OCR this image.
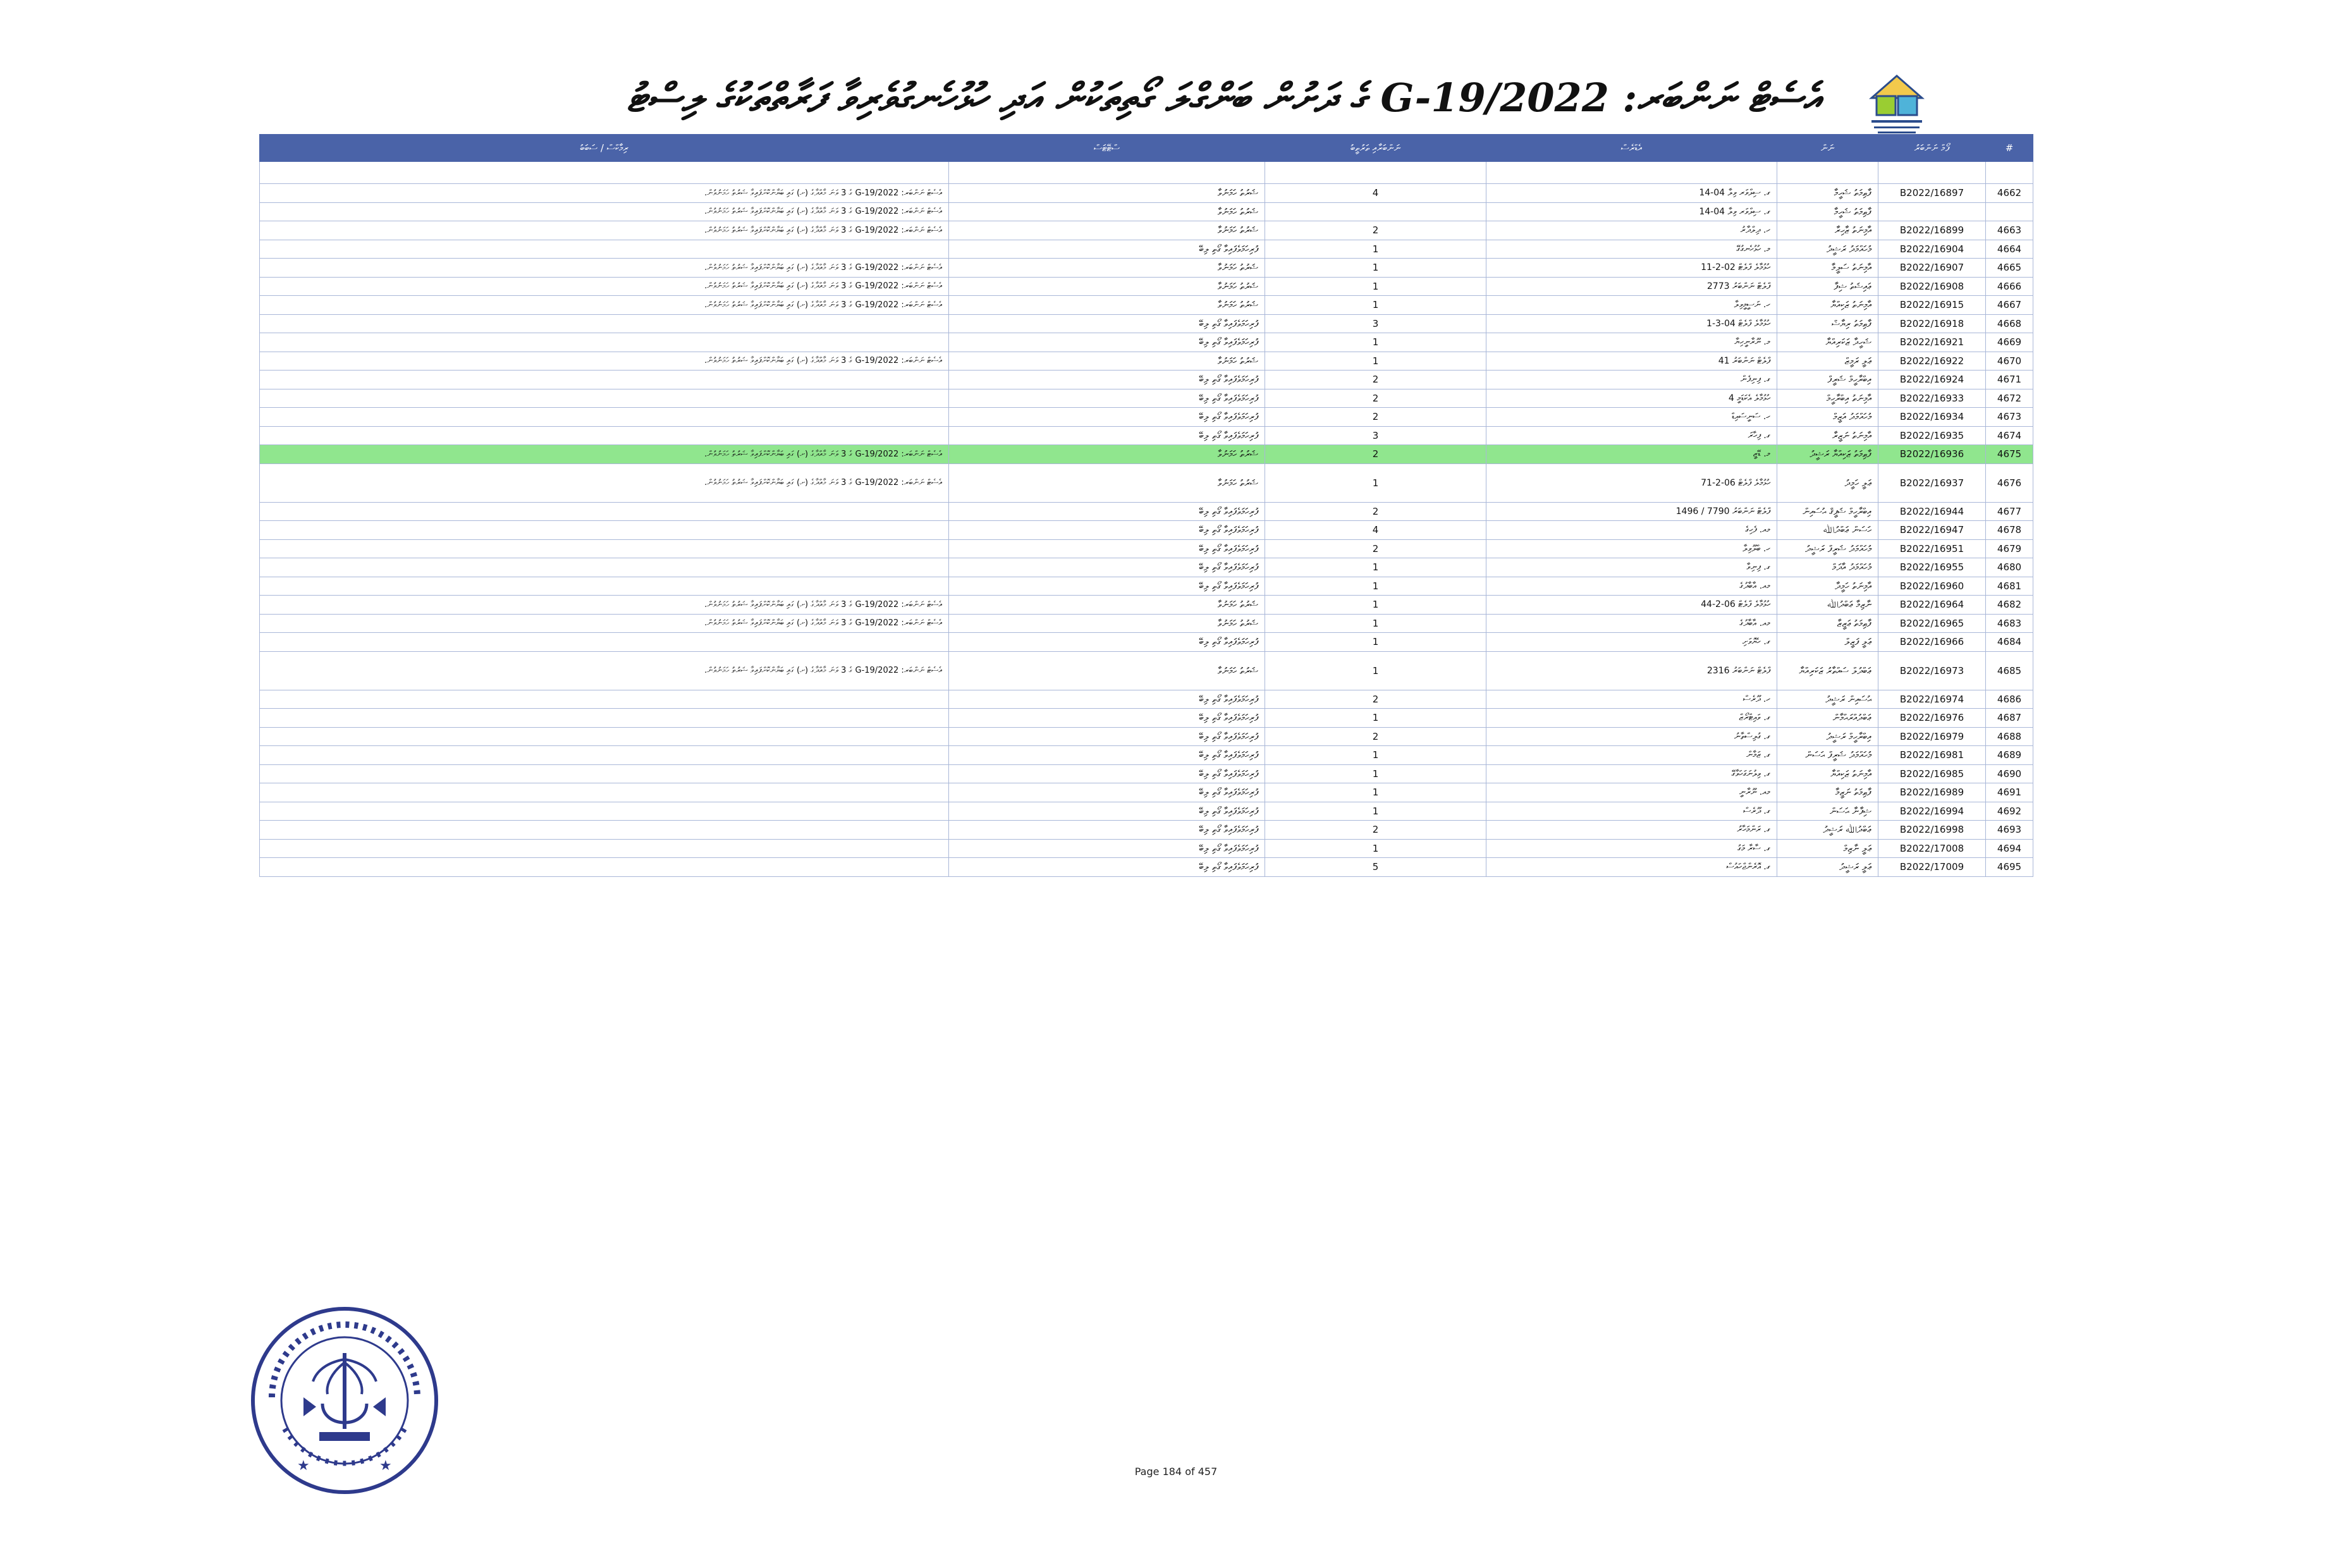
އެސެޓް ނަންބަރ: G-19/2022 ގެ ދަށުން ބަންގްލަ ގޯތިތަކުން އަދި ހުޅުހެނގުވެރިވާ ފަރާތްތަކުގެ ލިސްޓު
ރިމާކްސް / ސަބަބު	ސްޓޭޓަސް	ނަންބަރާއި ތަރުތީބު	އެޑްރެސް	ނަން	ފޯމް ނަންބަރު	#

އެސެޓް ނަންބަރ: G-19/2022 ގެ 3 ވަނަ މާއްދާގެ (ށ) ގައި ބަޔާންކޮށްފައިވާ ޝަރުތު ހަމަނުވުން.	ޝަރުތު ހަމަނުވާ	4	ގ. ސިލްވަރ ވިލާ 04-14	ފާޠިމަތު ޝަހީމާ	B2022/16897	4662
އެސެޓް ނަންބަރ: G-19/2022 ގެ 3 ވަނަ މާއްދާގެ (ށ) ގައި ބަޔާންކޮށްފައިވާ ޝަރުތު ހަމަނުވުން.	ޝަރުތު ހަމަނުވާ		ގ. ސިލްވަރ ވިލާ 04-14	ފާޠިމަތު ޝަހީމާ		
އެސެޓް ނަންބަރ: G-19/2022 ގެ 3 ވަނަ މާއްދާގެ (ށ) ގައި ބަޔާންކޮށްފައިވާ ޝަރުތު ހަމަނުވުން.	ޝަރުތު ހަމަނުވާ	2	ހ. ދިލްދާރު	އާމިނަތު ޒާހިރާ	B2022/16899	4663
	ފުރިހަމަވެފައިވާ ގޯތި ލިބޭ	1	މ. ހުޅުހެނގުގޭ	މުހައްމަދު ރަޝީދު	B2022/16904	4664
އެސެޓް ނަންބަރ: G-19/2022 ގެ 3 ވަނަ މާއްދާގެ (ށ) ގައި ބަޔާންކޮށްފައިވާ ޝަރުތު ހަމަނުވުން.	ޝަރުތު ހަމަނުވާ	1	ހުޅުމާލެ ފްލެޓް 02-2-11	އާމިނަތު ސަލީމާ	B2022/16907	4665
އެސެޓް ނަންބަރ: G-19/2022 ގެ 3 ވަނަ މާއްދާގެ (ށ) ގައި ބަޔާންކޮށްފައިވާ ޝަރުތު ހަމަނުވުން.	ޝަރުތު ހަމަނުވާ	1	ފްލެޓް ނަންބަރު 2773	ޢައިޝަތު ޝިފާ	B2022/16908	4666
އެސެޓް ނަންބަރ: G-19/2022 ގެ 3 ވަނަ މާއްދާގެ (ށ) ގައި ބަޔާންކޮށްފައިވާ ޝަރުތު ހަމަނުވުން.	ޝަރުތު ހަމަނުވާ	1	ހ. ނަސީމީވިލާ	އާމިނަތު ޒަކިއްޔާ	B2022/16915	4667
	ފުރިހަމަވެފައިވާ ގޯތި ލިބޭ	3	ހުޅުމާލެ ފްލެޓް 04-3-1	ފާޠިމަތު ރިޔާޟް	B2022/16918	4668
	ފުރިހަމަވެފައިވާ ގޯތި ލިބޭ	1	މ. ނޫރާނީހިޔާ	ޝަހީދާ ޒަކަރިއްޔާ	B2022/16921	4669
އެސެޓް ނަންބަރ: G-19/2022 ގެ 3 ވަނަ މާއްދާގެ (ށ) ގައި ބަޔާންކޮށްފައިވާ ޝަރުތު ހަމަނުވުން.	ޝަރުތު ހަމަނުވާ	1	ފްލެޓް ނަންބަރު 41	ޢަލީ ރަމީޒް	B2022/16922	4670
	ފުރިހަމަވެފައިވާ ގޯތި ލިބޭ	2	ގ. ފިނިފެން	އިބްރާހީމް ޝަރީފް	B2022/16924	4671
	ފުރިހަމަވެފައިވާ ގޯތި ލިބޭ	2	ހުޅުމާލެ އެކަޑަމީ 4	އާމިނަތު އިބްރާހީމް	B2022/16933	4672
	ފުރިހަމަވެފައިވާ ގޯތި ލިބޭ	2	ހ. ސަނީސައިޑް	މުހައްމަދު އަޒީމް	B2022/16934	4673
	ފުރިހަމަވެފައިވާ ގޯތި ލިބޭ	3	ގ. ފިހާރަ	އާމިނަތު ނަޒީރާ	B2022/16935	4674
އެސެޓް ނަންބަރ: G-19/2022 ގެ 3 ވަނަ މާއްދާގެ (ށ) ގައި ބަޔާންކޮށްފައިވާ ޝަރުތު ހަމަނުވުން.	ޝަރުތު ހަމަނުވާ	2	މ. ޑޭޒީ	ފާޠިމަތު ޒަކިއްޔާ ރަޝީދު	B2022/16936	4675
އެސެޓް ނަންބަރ: G-19/2022 ގެ 3 ވަނަ މާއްދާގެ (ށ) ގައި ބަޔާންކޮށްފައިވާ ޝަރުތު ހަމަނުވުން.	ޝަރުތު ހަމަނުވާ	1	ހުޅުމާލެ ފްލެޓް 06-2-71	ޢަލީ ހަމީދު	B2022/16937	4676
	ފުރިހަމަވެފައިވާ ގޯތި ލިބޭ	2	ފްލެޓް ނަންބަރު 7790 / 1496	އިބްރާހީމް ޝަފީޤް ޙުސައިން	B2022/16944	4677
	ފުރިހަމަވެފައިވާ ގޯތި ލިބޭ	4	މއ. ފެހިގެ	ހަސަން ޢަބްދުﷲ	B2022/16947	4678
	ފުރިހަމަވެފައިވާ ގޯތި ލިބޭ	2	ހ. ބްލޫވިލާ	މުހައްމަދު ޝަރީފް ރަޝީދު	B2022/16951	4679
	ފުރިހަމަވެފައިވާ ގޯތި ލިބޭ	1	ގ. ފިނިވާ	މުހައްމަދު އާދަމް	B2022/16955	4680
	ފުރިހަމަވެފައިވާ ގޯތި ލިބޭ	1	މއ. އާބާދުގެ	އާމިނަތު ހަމީދާ	B2022/16960	4681
އެސެޓް ނަންބަރ: G-19/2022 ގެ 3 ވަނަ މާއްދާގެ (ށ) ގައި ބަޔާންކޮށްފައިވާ ޝަރުތު ހަމަނުވުން.	ޝަރުތު ހަމަނުވާ	1	ހުޅުމާލެ ފްލެޓް 06-2-44	ނާޒިމާ ޢަބްދުﷲ	B2022/16964	4682
އެސެޓް ނަންބަރ: G-19/2022 ގެ 3 ވަނަ މާއްދާގެ (ށ) ގައި ބަޔާންކޮށްފައިވާ ޝަރުތު ހަމަނުވުން.	ޝަރުތު ހަމަނުވާ	1	މއ. އާބާދުގެ	ފާޠިމަތު ޢަޒީޒާ	B2022/16965	4683
	ފުރިހަމަވެފައިވާ ގޯތި ލިބޭ	1	ގ. ހެޔޮވަށި	ޢަލީ ފަޒީލް	B2022/16966	4684
އެސެޓް ނަންބަރ: G-19/2022 ގެ 3 ވަނަ މާއްދާގެ (ށ) ގައި ބަޔާންކޮށްފައިވާ ޝަރުތު ހަމަނުވުން.	ޝަރުތު ހަމަނުވާ	1	ފްލެޓް ނަންބަރު 2316	ޢަބްދުލް ސައްތާރު ޒަކަރިއްޔާ	B2022/16973	4685
	ފުރިހަމަވެފައިވާ ގޯތި ލިބޭ	2	ހ. ދޫރެސް	ޙުސައިން ރަޝީދު	B2022/16974	4686
	ފުރިހަމަވެފައިވާ ގޯތި ލިބޭ	1	ގ. ވައިޓްރޯޒް	ޢަބްދުއްރަޙްމާން	B2022/16976	4687
	ފުރިހަމަވެފައިވާ ގޯތި ލިބޭ	2	ގ. ގުލިސްތާނު	އިބްރާހީމް ރަޝީދު	B2022/16979	4688
	ފުރިހަމަވެފައިވާ ގޯތި ލިބޭ	1	ގ. ޒަމާން	މުހައްމަދު ޝަރީފް ޙަސަން	B2022/16981	4689
	ފުރިހަމަވެފައިވާ ގޯތި ލިބޭ	1	ގ. ވިލުނަގަހަވާގޭ	އާމިނަތު ޒަކިއްޔާ	B2022/16985	4690
	ފުރިހަމަވެފައިވާ ގޯތި ލިބޭ	1	މއ. ނޫރާނީ	ފާޠިމަތު ނަޒީމާ	B2022/16989	4691
	ފުރިހަމަވެފައިވާ ގޯތި ލިބޭ	1	ގ. ދޫރެސް	ޝިފާނާ ޙަސަން	B2022/16994	4692
	ފުރިހަމަވެފައިވާ ގޯތި ލިބޭ	2	ގ. ރަންމަހާރު	ޢަބްދުﷲ ރަޝީދު	B2022/16998	4693
	ފުރިހަމަވެފައިވާ ގޯތި ލިބޭ	1	ގ. ސާރާ މަގު	ޢަލީ ނާޒިމް	B2022/17008	4694
	ފުރިހަމަވެފައިވާ ގޯތި ލިބޭ	5	ގ. އޮރެންޖްހައުސް	ޢަލީ ރަޝީދު	B2022/17009	4695
★	★	Page 184 of 457
